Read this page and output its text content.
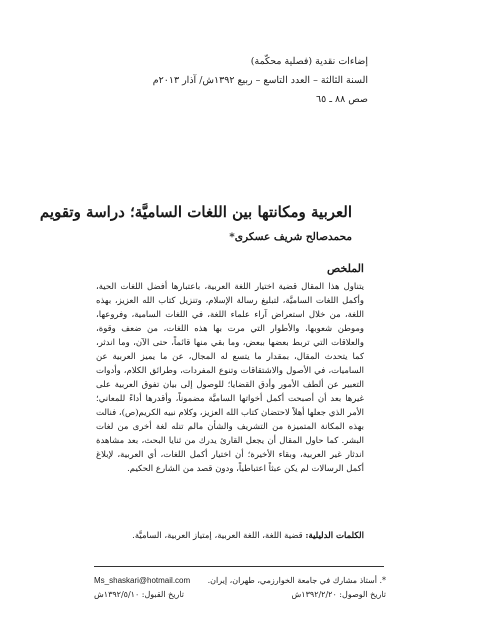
إضاءات نقدية (فصلية محكّمة)
السنة الثالثة – العدد التاسع – ربيع ١٣٩٢ش/ آذار ٢٠١٣م
صص ٨٨ ـ ٦٥
العربية ومكانتها بين اللغات الساميَّة؛ دراسة وتقويم
محمدصالح شريف عسكرى*
الملخص
يتناول هذا المقال قضية اختيار اللغة العربية، باعتبارها أفضل اللغات الحية، وأكمل اللغات الساميَّة، لتبليغ رسالة الإسلام، وتنزيل كتاب الله العزيز، بهذه اللغة، من خلال استعراض آراء علماء اللغة، في اللغات السامية، وفروعها، وموطن شعوبها، والأطوار التي مرت بها هذه اللغات، من ضعف وقوة، والعلاقات التي تربط بعضها ببعض، وما بقي منها قائماً، حتى الآن، وما اندثر، كما يتحدث المقال، بمقدار ما يتسع له المجال، عن ما يميز العربية عن الساميات، في الأصول والاشتقاقات وتنوع المفردات، وطرائق الكلام، وأدوات التعبير عن ألطف الأمور وأدق القضايا؛ للوصول إلى بيان تفوق العربية على غيرها بعد أن أصبحت أكمل أخواتها الساميَّة مضموناً، وأقدرها أداءً للمعاني؛ الأمر الذي جعلها أهلاً لاحتضان كتاب الله العزيز، وكلام نبيه الكريم(ص)، فنالت بهذه المكانة المتميزة من التشريف والشأن مالم تنله لغة أخرى من لغات البشر. كما حاول المقال أن يجعل القارئ يدرك من ثنايا البحث، بعد مشاهدة اندثار غير العربية، وبقاء الأخيرة؛ أن اختيار أكمل اللغات، أي العربية، لإبلاغ أكمل الرسالات لم يكن عبثاً اعتباطياً، ودون قصد من الشارع الحكيم.
الكلمات الدليلية: قضية اللغة، اللغة العربية، إمتياز العربية، الساميَّة.
*. أستاذ مشارك في جامعة الخوارزمي، طهران، إيران.
تاريخ الوصول: ١٣٩٢/٢/٢٠ش
Ms_shaskari@hotmail.com
تاريخ القبول: ١٣٩٢/٥/١٠ش
